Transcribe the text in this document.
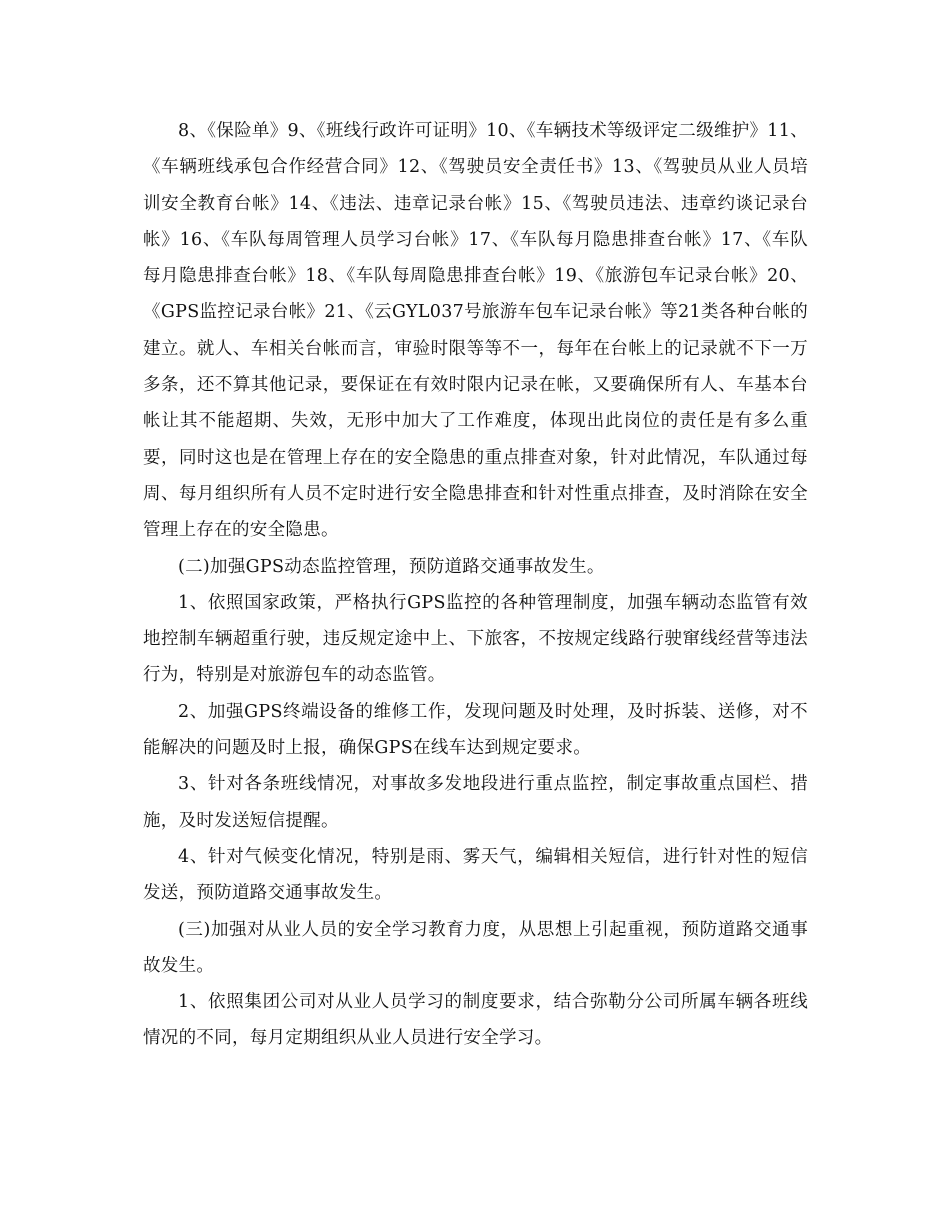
8、《保险单》9、《班线行政许可证明》10、《车辆技术等级评定二级维护》11、《车辆班线承包合作经营合同》12、《驾驶员安全责任书》13、《驾驶员从业人员培训安全教育台帐》14、《违法、违章记录台帐》15、《驾驶员违法、违章约谈记录台帐》16、《车队每周管理人员学习台帐》17、《车队每月隐患排查台帐》17、《车队每月隐患排查台帐》18、《车队每周隐患排查台帐》19、《旅游包车记录台帐》20、《GPS监控记录台帐》21、《云GYL037号旅游车包车记录台帐》等21类各种台帐的建立。就人、车相关台帐而言，审验时限等等不一，每年在台帐上的记录就不下一万多条，还不算其他记录，要保证在有效时限内记录在帐，又要确保所有人、车基本台帐让其不能超期、失效，无形中加大了工作难度，体现出此岗位的责任是有多么重要，同时这也是在管理上存在的安全隐患的重点排查对象，针对此情况，车队通过每周、每月组织所有人员不定时进行安全隐患排查和针对性重点排查，及时消除在安全管理上存在的安全隐患。

(二)加强GPS动态监控管理，预防道路交通事故发生。

1、依照国家政策，严格执行GPS监控的各种管理制度，加强车辆动态监管有效地控制车辆超重行驶，违反规定途中上、下旅客，不按规定线路行驶窜线经营等违法行为，特别是对旅游包车的动态监管。

2、加强GPS终端设备的维修工作，发现问题及时处理，及时拆装、送修，对不能解决的问题及时上报，确保GPS在线车达到规定要求。

3、针对各条班线情况，对事故多发地段进行重点监控，制定事故重点国栏、措施，及时发送短信提醒。

4、针对气候变化情况，特别是雨、雾天气，编辑相关短信，进行针对性的短信发送，预防道路交通事故发生。

(三)加强对从业人员的安全学习教育力度，从思想上引起重视，预防道路交通事故发生。

1、依照集团公司对从业人员学习的制度要求，结合弥勒分公司所属车辆各班线情况的不同，每月定期组织从业人员进行安全学习。
